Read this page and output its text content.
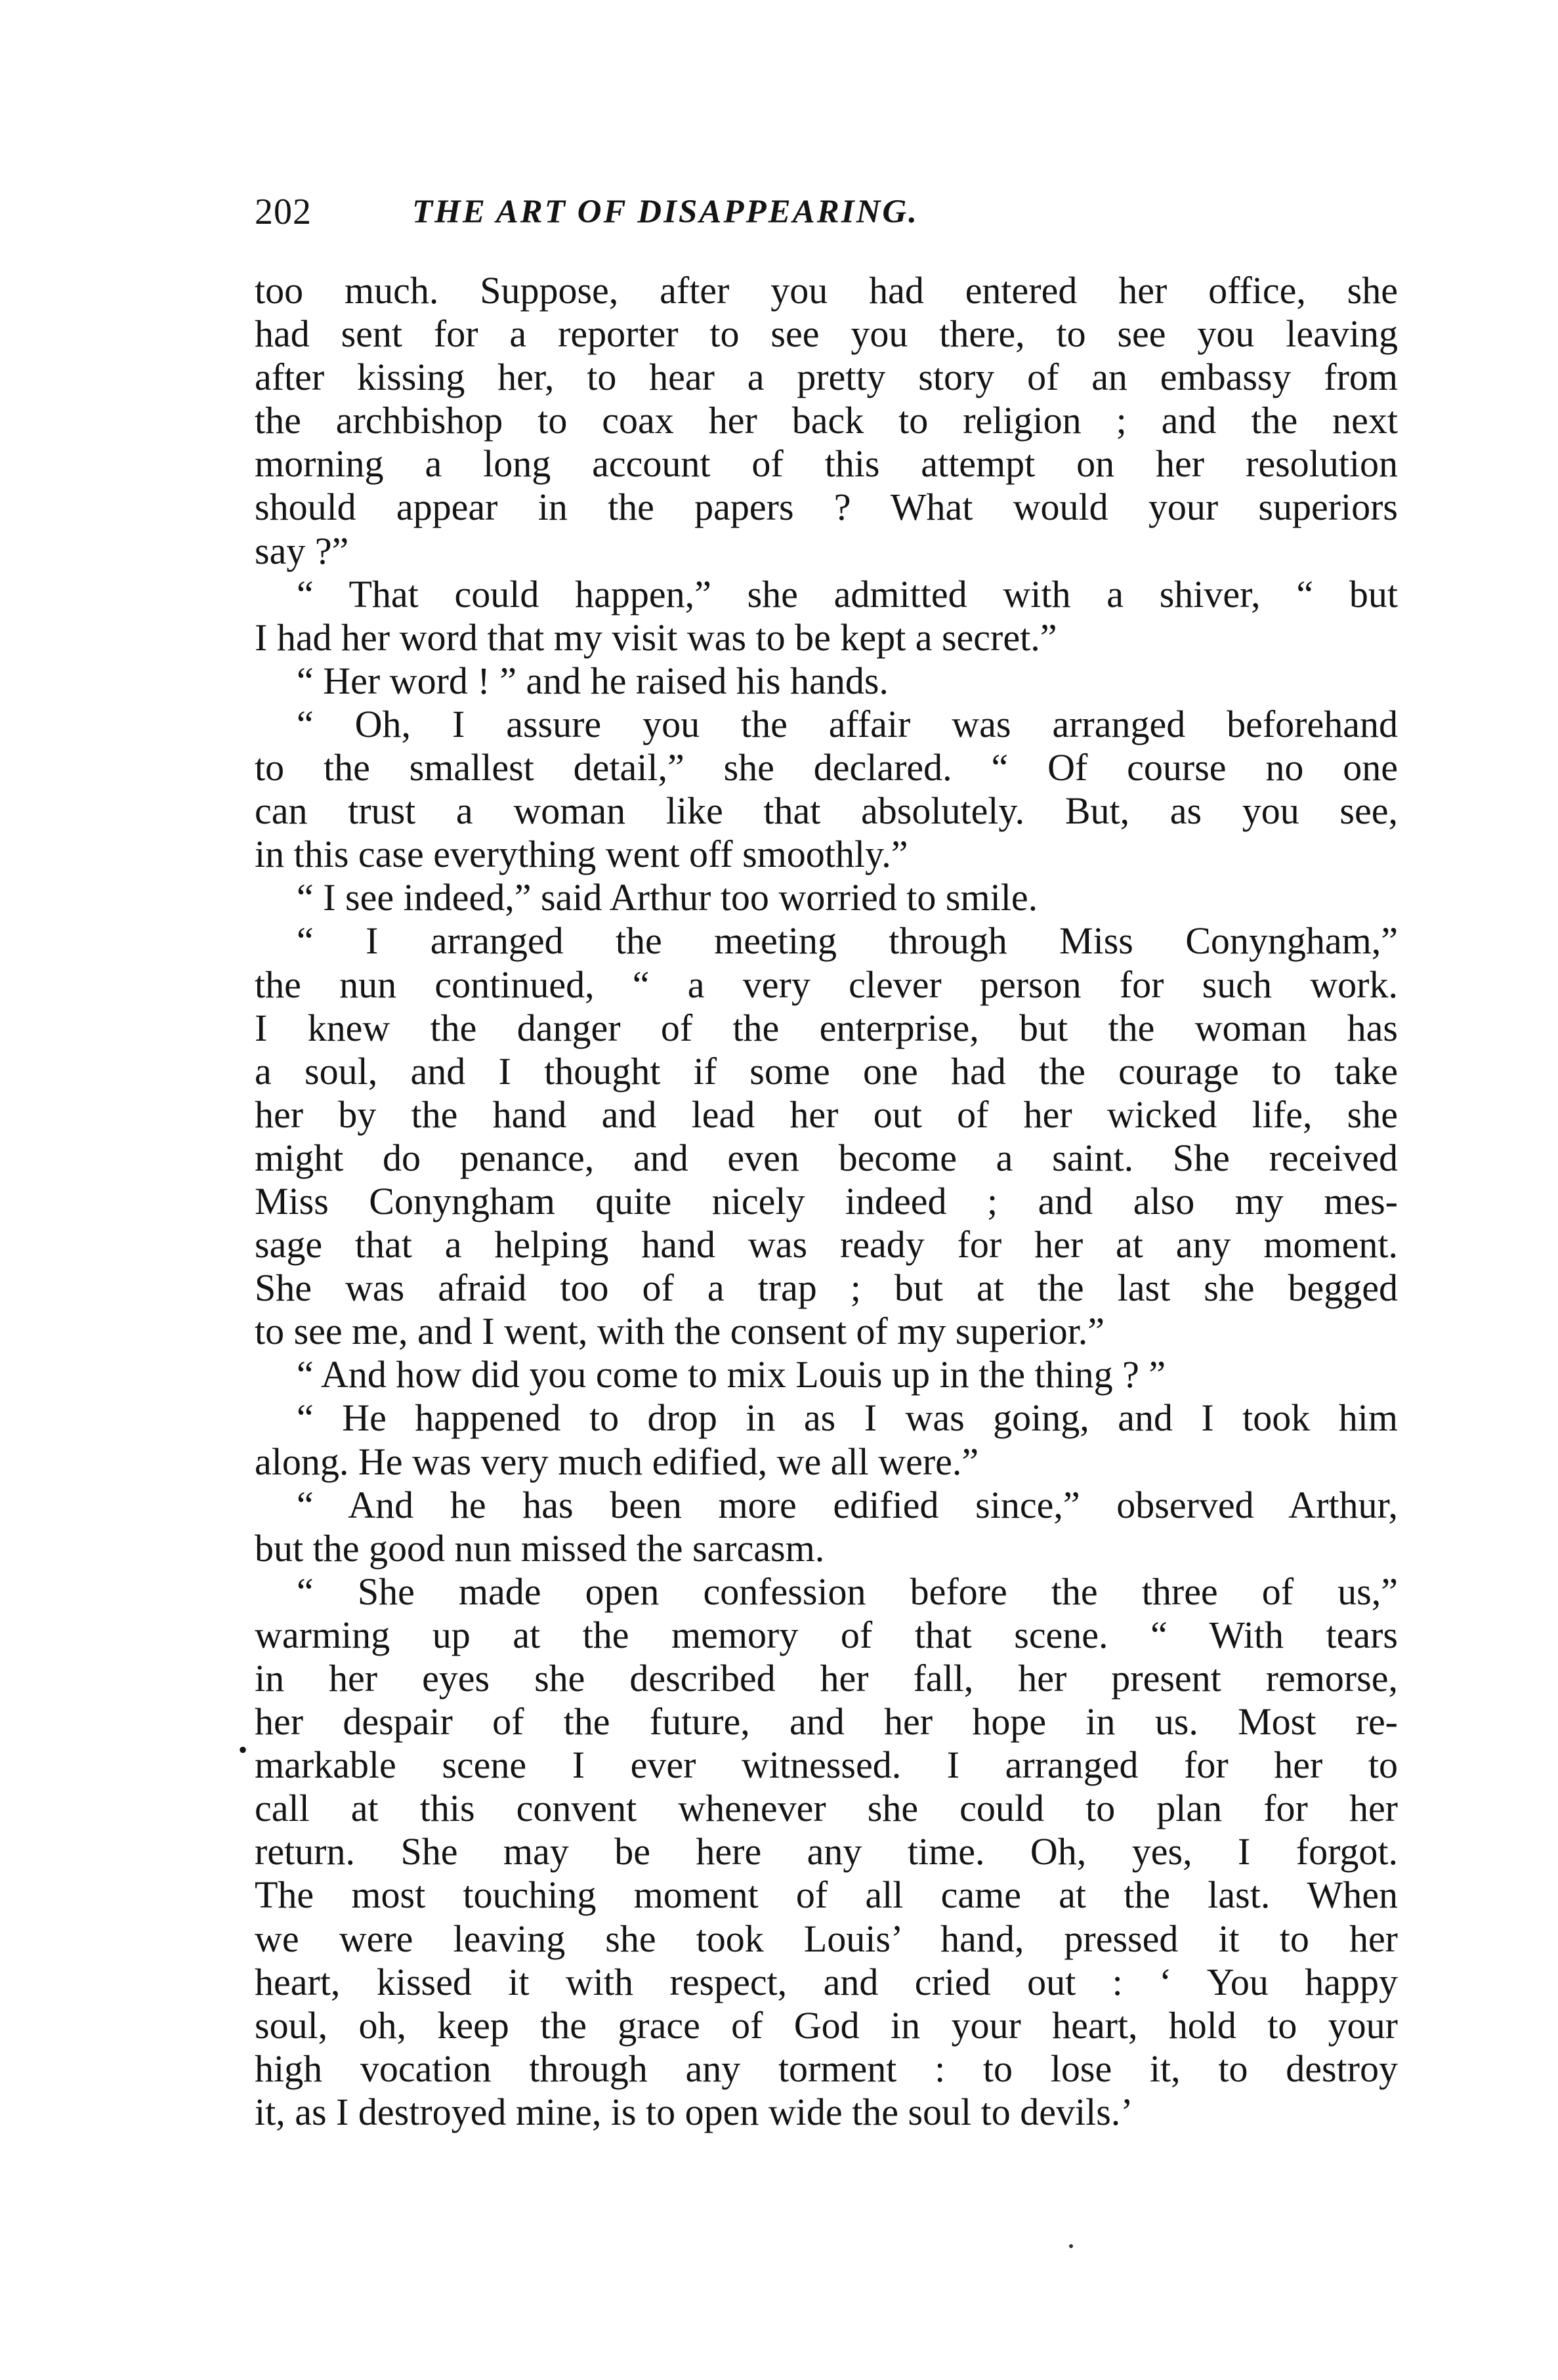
202	THE ART OF DISAPPEARING.
too much. Suppose, after you had entered her office, she
had sent for a reporter to see you there, to see you leaving
after kissing her, to hear a pretty story of an embassy from
the archbishop to coax her back to religion ; and the next
morning a long account of this attempt on her resolution
should appear in the papers ? What would your superiors
say ?”
“ That could happen,” she admitted with a shiver, “ but
I had her word that my visit was to be kept a secret.”
“ Her word ! ” and he raised his hands.
“ Oh, I assure you the affair was arranged beforehand
to the smallest detail,” she declared. “ Of course no one
can trust a woman like that absolutely. But, as you see,
in this case everything went off smoothly.”
“ I see indeed,” said Arthur too worried to smile.
“ I arranged the meeting through Miss Conyngham,”
the nun continued, “ a very clever person for such work.
I knew the danger of the enterprise, but the woman has
a soul, and I thought if some one had the courage to take
her by the hand and lead her out of her wicked life, she
might do penance, and even become a saint. She received
Miss Conyngham quite nicely indeed ; and also my mes-
sage that a helping hand was ready for her at any moment.
She was afraid too of a trap ; but at the last she begged
to see me, and I went, with the consent of my superior.”
“ And how did you come to mix Louis up in the thing ? ”
“ He happened to drop in as I was going, and I took him
along. He was very much edified, we all were.”
“ And he has been more edified since,” observed Arthur,
but the good nun missed the sarcasm.
“ She made open confession before the three of us,”
warming up at the memory of that scene. “ With tears
in her eyes she described her fall, her present remorse,
her despair of the future, and her hope in us. Most re-
markable scene I ever witnessed. I arranged for her to
call at this convent whenever she could to plan for her
return. She may be here any time. Oh, yes, I forgot.
The most touching moment of all came at the last. When
we were leaving she took Louis’ hand, pressed it to her
heart, kissed it with respect, and cried out : ‘ You happy
soul, oh, keep the grace of God in your heart, hold to your
high vocation through any torment : to lose it, to destroy
it, as I destroyed mine, is to open wide the soul to devils.’
•
